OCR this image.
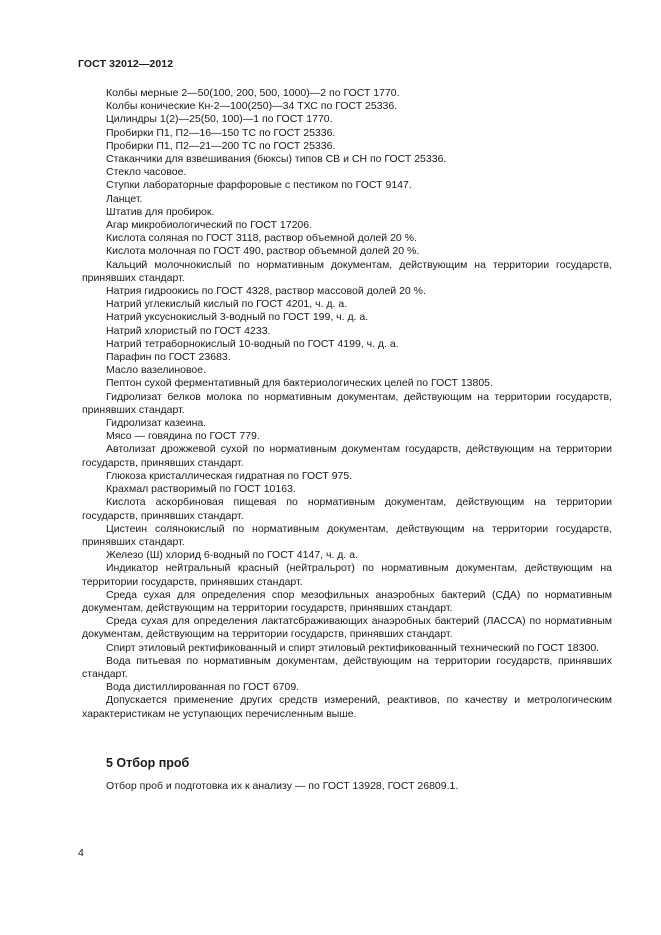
ГОСТ 32012—2012

Колбы мерные 2—50(100, 200, 500, 1000)—2 по ГОСТ 1770.

Колбы конические Кн-2—100(250)—34 ТХС по ГОСТ 25336.

Цилиндры 1(2)—25(50, 100)—1 по ГОСТ 1770.

Пробирки П1, П2—16—150 ТС по ГОСТ 25336.

Пробирки П1, П2—21—200 ТС по ГОСТ 25336.

Стаканчики для взвешивания (бюксы) типов СВ и СН по ГОСТ 25336.

Стекло часовое.

Ступки лабораторные фарфоровые с пестиком по ГОСТ 9147.

Ланцет.

Штатив для пробирок.

Агар микробиологический по ГОСТ 17206.

Кислота соляная по ГОСТ 3118, раствор объемной долей 20 %.

Кислота молочная по ГОСТ 490, раствор объемной долей 20 %.

Кальций молочнокислый по нормативным документам, действующим на территории государств, принявших стандарт.

Натрия гидроокись по ГОСТ 4328, раствор массовой долей 20 %.

Натрий углекислый кислый по ГОСТ 4201, ч. д. а.

Натрий уксуснокислый 3-водный по ГОСТ 199, ч. д. а.

Натрий хлористый по ГОСТ 4233.

Натрий тетраборнокислый 10-водный по ГОСТ 4199, ч. д. а.

Парафин по ГОСТ 23683.

Масло вазелиновое.

Пептон сухой ферментативный для бактериологических целей по ГОСТ 13805.

Гидролизат белков молока по нормативным документам, действующим на территории государств, принявших стандарт.

Гидролизат казеина.

Мясо — говядина по ГОСТ 779.

Автолизат дрожжевой сухой по нормативным документам государств, действующим на территории государств, принявших стандарт.

Глюкоза кристаллическая гидратная по ГОСТ 975.

Крахмал растворимый по ГОСТ 10163.

Кислота аскорбиновая пищевая по нормативным документам, действующим на территории государств, принявших стандарт.

Цистеин солянокислый по нормативным документам, действующим на территории государств, принявших стандарт.

Железо (Ш) хлорид 6-водный по ГОСТ 4147, ч. д. а.

Индикатор нейтральный красный (нейтральрот) по нормативным документам, действующим на территории государств, принявших стандарт.

Среда сухая для определения спор мезофильных анаэробных бактерий (СДА) по нормативным документам, действующим на территории государств, принявших стандарт.

Среда сухая для определения лактатсбраживающих анаэробных бактерий (ЛАССА) по нормативным документам, действующим на территории государств, принявших стандарт.

Спирт этиловый ректификованный и спирт этиловый ректификованный технический по ГОСТ 18300.

Вода питьевая по нормативным документам, действующим на территории государств, принявших стандарт.

Вода дистиллированная по ГОСТ 6709.

Допускается применение других средств измерений, реактивов, по качеству и метрологическим характеристикам не уступающих перечисленным выше.

5 Отбор проб
Отбор проб и подготовка их к анализу — по ГОСТ 13928, ГОСТ 26809.1.
4
